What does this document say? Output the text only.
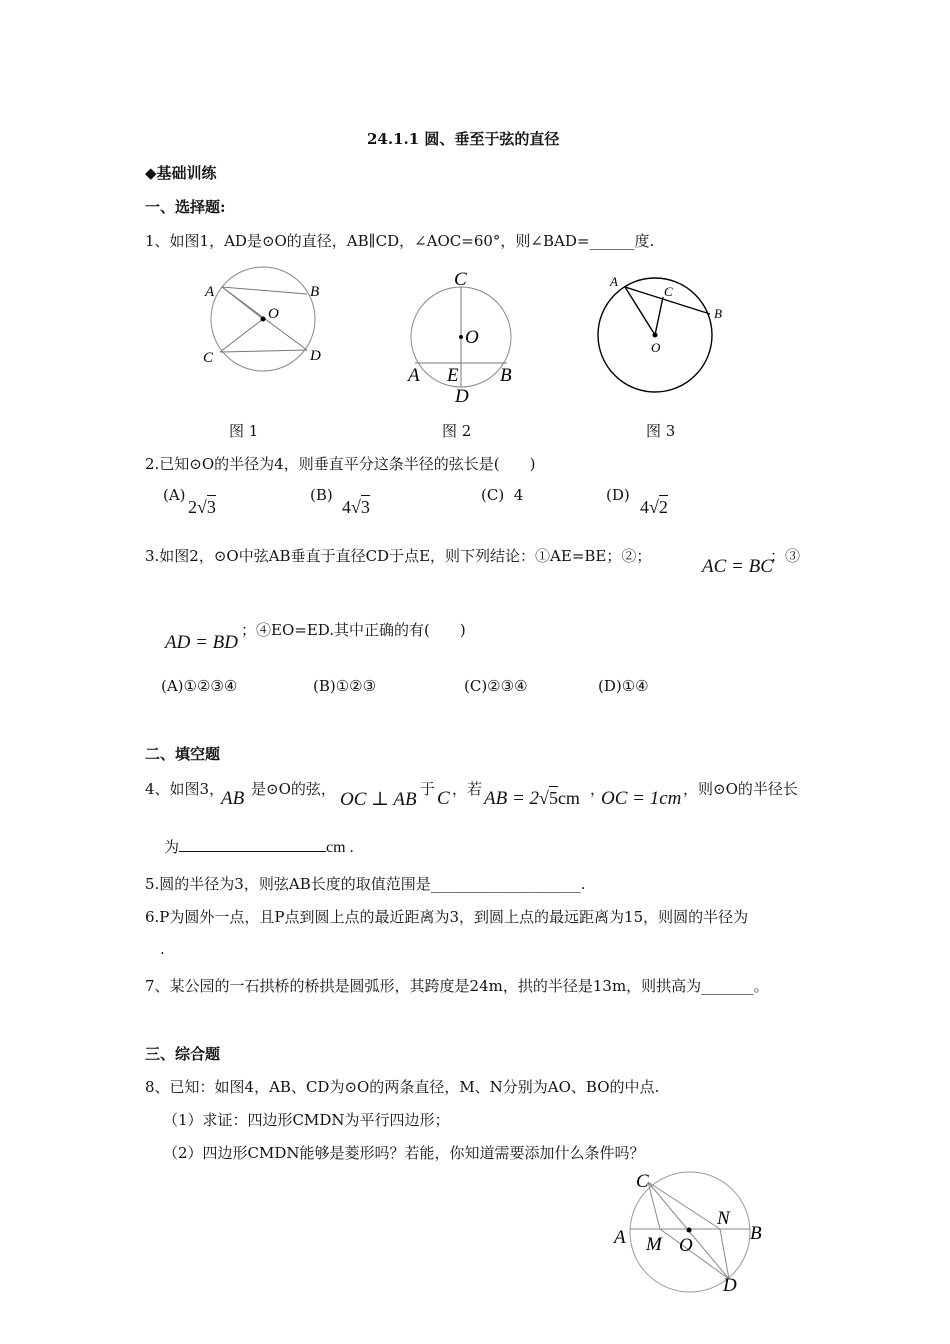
24.1.1 圆、垂至于弦的直径
◆基础训练
一、选择题:
1、如图1，AD是⊙O的直径，AB∥CD，∠AOC=60°，则∠BAD=______度.
A	B
O
C	D
图 1
C
O
A E B
D
图 2
A
C
B
O
图 3
2.已知⊙O的半径为4，则垂直平分这条半径的弦长是(　　)
(A)
2√3
(B)
4√3
(C) 4	(D)
4√2
3.如图2，⊙O中弦AB垂直于直径CD于点E，则下列结论：①AE=BE；②；	AC = BC
；③
AD = BD
；④EO=ED.其中正确的有(　　)
(A)①②③④	(B)①②③	(C)②③④	(D)①④
二、填空题
4、如图3，
AB 是⊙O的弦， OC ⊥ AB 于 C ，若 AB = 2√5cm ，
OC = 1cm ，则⊙O的半径长
为	cm .
5.圆的半径为3，则弦AB长度的取值范围是____________________.
6.P为圆外一点，且P点到圆上点的最近距离为3，到圆上点的最远距离为15，则圆的半径为
.
7、某公园的一石拱桥的桥拱是圆弧形，其跨度是24m，拱的半径是13m，则拱高为_______。
三、综合题
8、已知：如图4，AB、CD为⊙O的两条直径，M、N分别为AO、BO的中点.
（1）求证：四边形CMDN为平行四边形；
（2）四边形CMDN能够是菱形吗？若能，你知道需要添加什么条件吗？
C
A M O
N
B
D
